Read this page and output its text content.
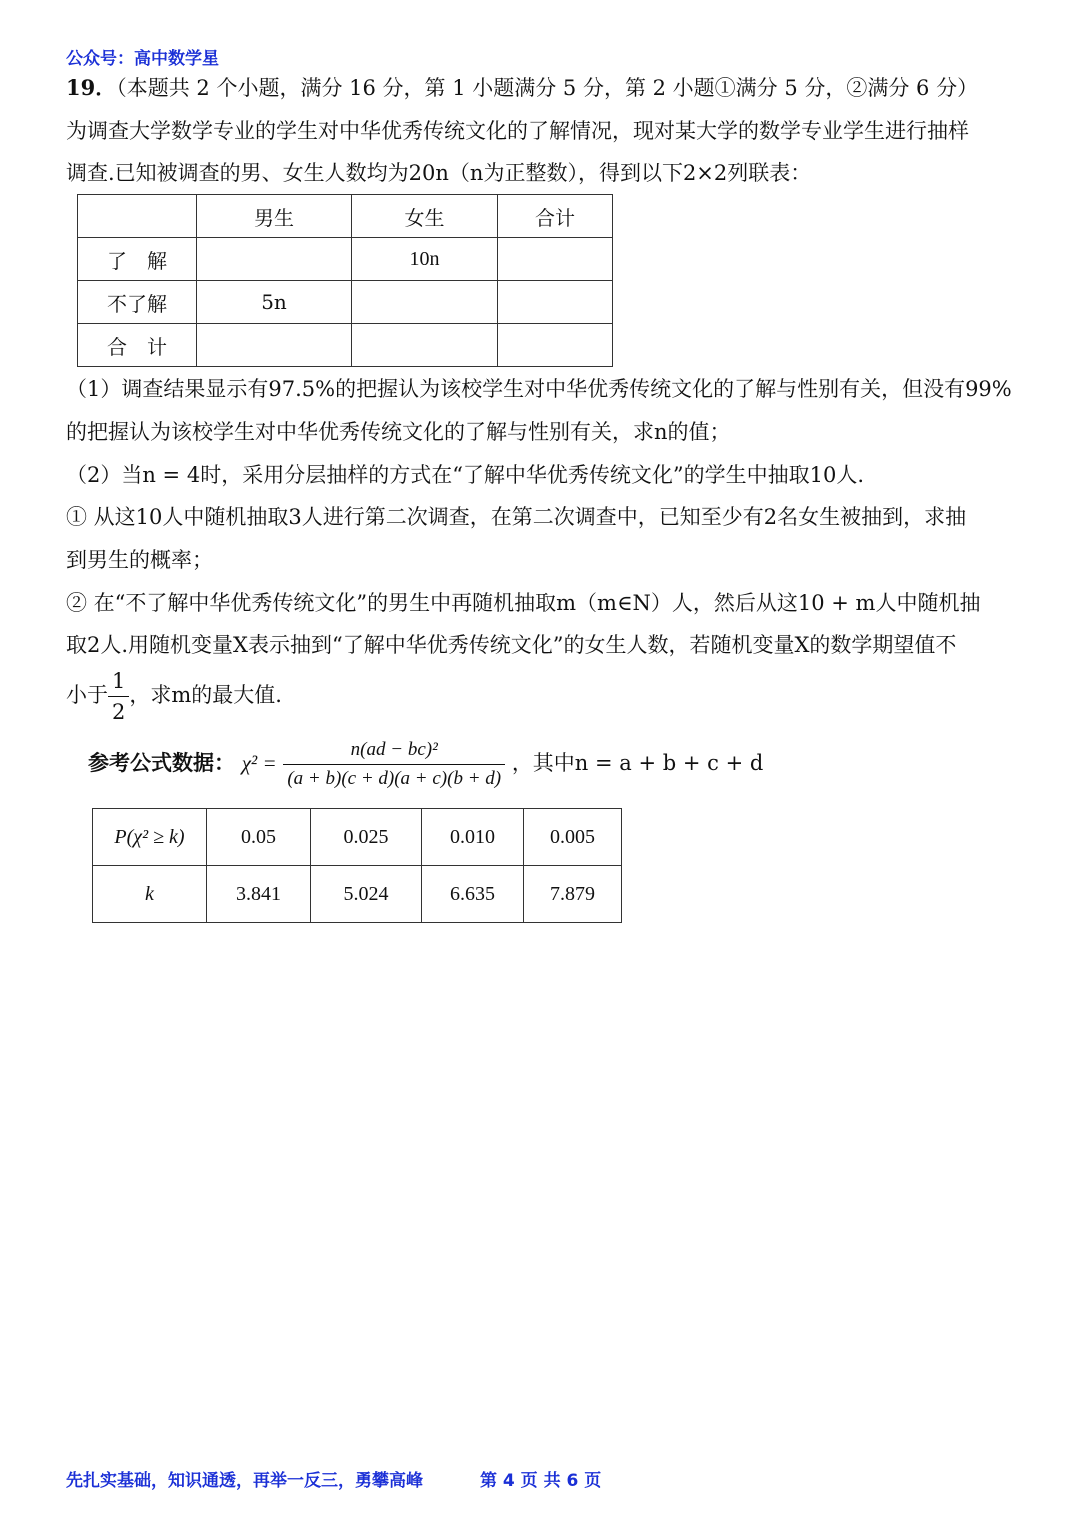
公众号：高中数学星
19．（本题共 2 个小题，满分 16 分，第 1 小题满分 5 分，第 2 小题①满分 5 分，②满分 6 分）
为调查大学数学专业的学生对中华优秀传统文化的了解情况，现对某大学的数学专业学生进行抽样
调查.已知被调查的男、女生人数均为20n（n为正整数），得到以下2×2列联表：
	男生	女生	合计
了　解		10n	
不了解	5n		
合　计			
（1）调查结果显示有97.5%的把握认为该校学生对中华优秀传统文化的了解与性别有关，但没有99%
的把握认为该校学生对中华优秀传统文化的了解与性别有关，求n的值；
（2）当n = 4时，采用分层抽样的方式在“了解中华优秀传统文化”的学生中抽取10人.
① 从这10人中随机抽取3人进行第二次调查，在第二次调查中，已知至少有2名女生被抽到，求抽
到男生的概率；
② 在“不了解中华优秀传统文化”的男生中再随机抽取m（m∈N）人，然后从这10 + m人中随机抽
取2人.用随机变量X表示抽到“了解中华优秀传统文化”的女生人数，若随机变量X的数学期望值不
小于 $\frac{1}{2}$ ，求m的最大值.
参考公式数据： $\chi^2 = \frac{\text{n(ad − bc)²}}{(a + b)(c + d)(a + c)(b + d)}$ ，其中n = a + b + c + d
P(χ² ≥ k)	0.05	0.025	0.010	0.005
k	3.841	5.024	6.635	7.879
先扎实基础，知识通透，再举一反三，勇攀高峰	第 4 页 共 6 页
